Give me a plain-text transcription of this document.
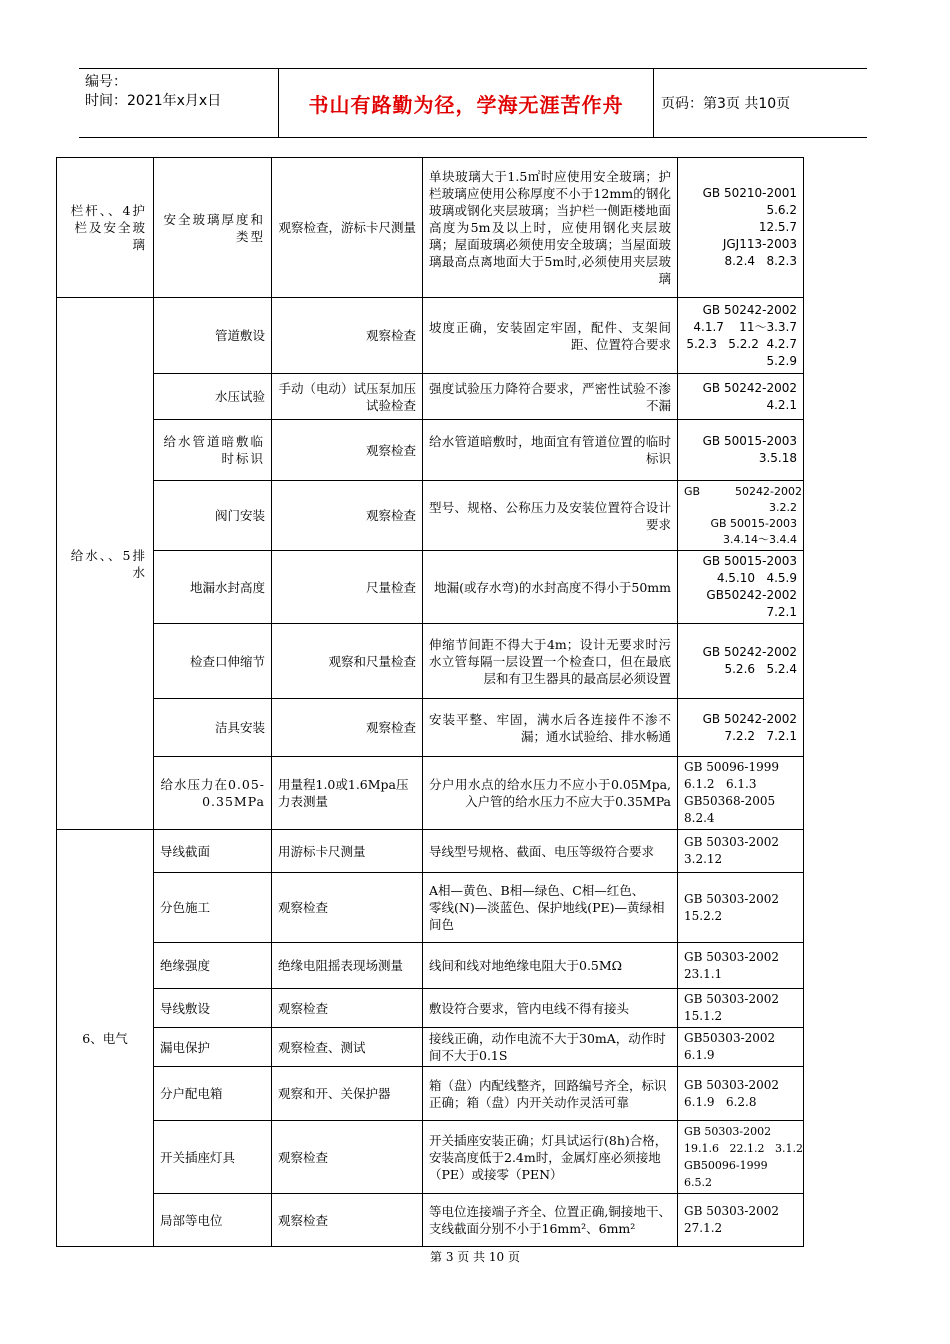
编号：
时间：2021年x月x日	书山有路勤为径，学海无涯苦作舟	页码：第3页 共10页
栏杆、、4护栏及安全玻璃	安全玻璃厚度和类型	观察检查，游标卡尺测量	单块玻璃大于1.5㎡时应使用安全玻璃；护栏玻璃应使用公称厚度不小于12mm的钢化玻璃或钢化夹层玻璃；当护栏一侧距楼地面高度为5m及以上时，应使用钢化夹层玻璃；屋面玻璃必须使用安全玻璃；当屋面玻璃最高点离地面大于5m时,必须使用夹层玻璃	GB 50210-2001
5.6.2
12.5.7
JGJ113-2003
8.2.4   8.2.3

给水、、5排水	管道敷设	观察检查	坡度正确，安装固定牢固，配件、支架间距、位置符合要求	GB 50242-2002
4.1.7    11～3.3.7
5.2.3   5.2.2  4.2.7
5.2.9

	水压试验	手动（电动）试压泵加压试验检查	强度试验压力降符合要求，严密性试验不渗不漏	GB 50242-2002
4.2.1

	给水管道暗敷临时标识	观察检查	给水管道暗敷时，地面宜有管道位置的临时标识	GB 50015-2003
3.5.18

	阀门安装	观察检查	型号、规格、公称压力及安装位置符合设计要求	GB          50242-2002
3.2.2
GB 50015-2003
3.4.14～3.4.4

	地漏水封高度	尺量检查	地漏(或存水弯)的水封高度不得小于50mm	GB 50015-2003
4.5.10   4.5.9
GB50242-2002
7.2.1

	检查口伸缩节	观察和尺量检查	伸缩节间距不得大于4m；设计无要求时污水立管每隔一层设置一个检查口，但在最底层和有卫生器具的最高层必须设置	GB 50242-2002
5.2.6   5.2.4

	洁具安装	观察检查	安装平整、牢固，满水后各连接件不渗不漏；通水试验给、排水畅通	GB 50242-2002
7.2.2   7.2.1

	给水压力在0.05-0.35MPa	用量程1.0或1.6Mpa压力表测量	分户用水点的给水压力不应小于0.05Mpa,入户管的给水压力不应大于0.35MPa	GB 50096-1999
6.1.2   6.1.3
GB50368-2005
8.2.4

6、电气	导线截面	用游标卡尺测量	导线型号规格、截面、电压等级符合要求	GB 50303-2002
3.2.12

	分色施工	观察检查	A相—黄色、B相—绿色、C相—红色、
零线(N)—淡蓝色、保护地线(PE)—黄绿相间色	GB 50303-2002
15.2.2

	绝缘强度	绝缘电阻摇表现场测量	线间和线对地绝缘电阻大于0.5MΩ	GB 50303-2002
23.1.1

	导线敷设	观察检查	敷设符合要求，管内电线不得有接头	GB 50303-2002
15.1.2

	漏电保护	观察检查、测试	接线正确，动作电流不大于30mA，动作时间不大于0.1S	GB50303-2002
6.1.9

	分户配电箱	观察和开、关保护器	箱（盘）内配线整齐，回路编号齐全，标识正确；箱（盘）内开关动作灵活可靠	GB 50303-2002
6.1.9   6.2.8

	开关插座灯具	观察检查	开关插座安装正确；灯具试运行(8h)合格，安装高度低于2.4m时，金属灯座必须接地（PE）或接零（PEN）	GB 50303-2002
19.1.6   22.1.2   3.1.2
GB50096-1999
6.5.2

	局部等电位	观察检查	等电位连接端子齐全、位置正确,铜接地干、支线截面分别不小于16mm²、6mm²	GB 50303-2002
27.1.2
第 3 页 共 10 页
